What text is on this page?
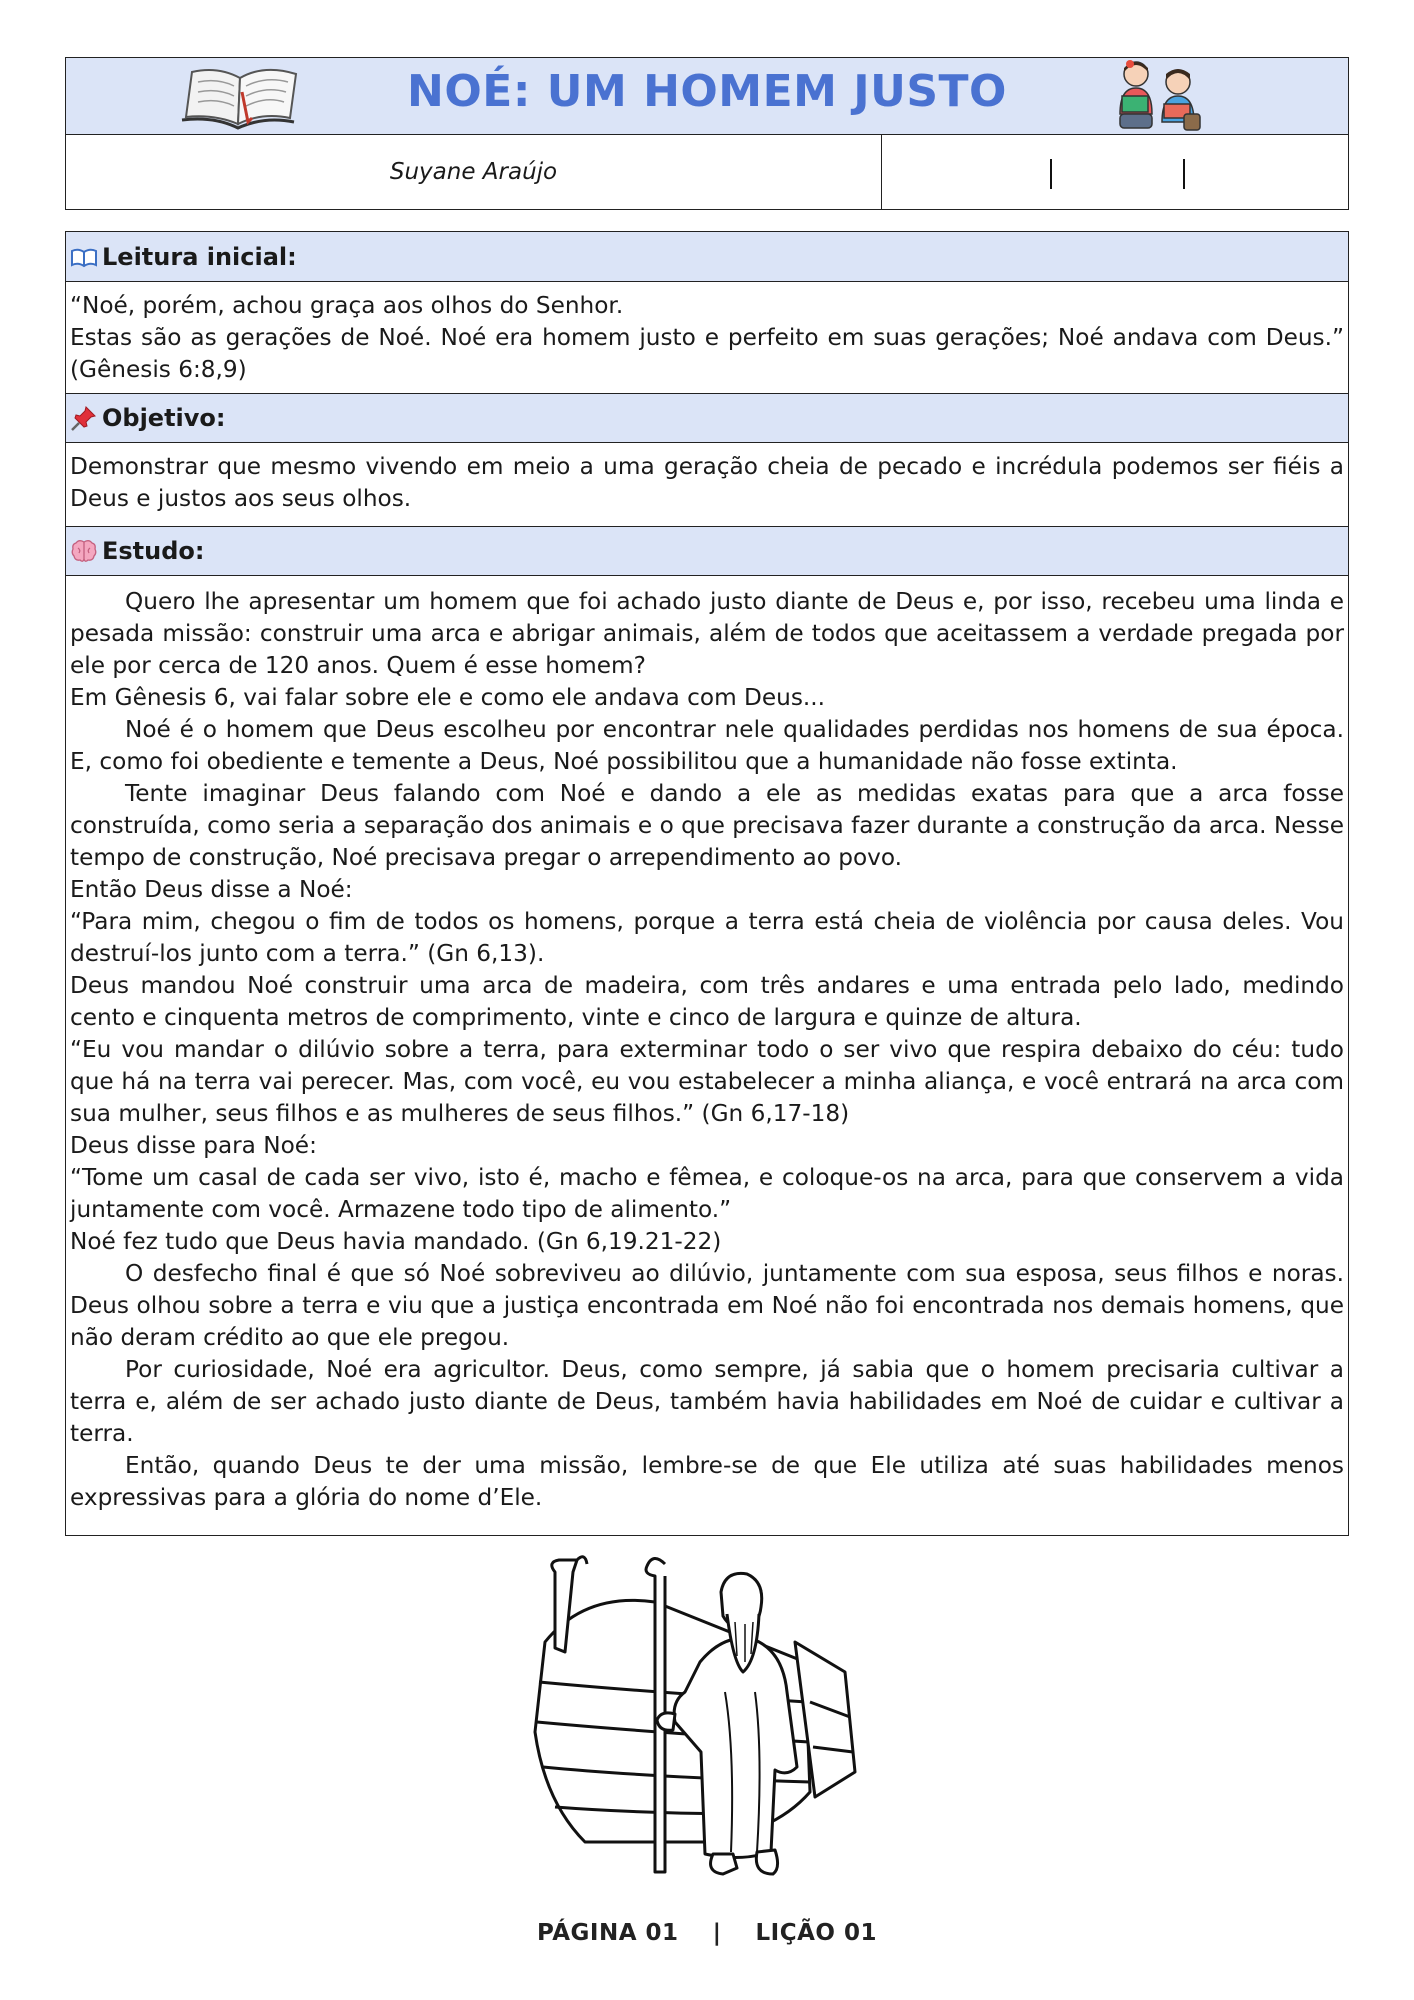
NOÉ: UM HOMEM JUSTO
Suyane Araújo
Leitura inicial:

“Noé, porém, achou graça aos olhos do Senhor.

Estas são as gerações de Noé. Noé era homem justo e perfeito em suas gerações; Noé andava com Deus.” (Gênesis 6:8,9)

Objetivo:

Demonstrar que mesmo vivendo em meio a uma geração cheia de pecado e incrédula podemos ser fiéis a Deus e justos aos seus olhos.

Estudo:

Quero lhe apresentar um homem que foi achado justo diante de Deus e, por isso, recebeu uma linda e pesada missão: construir uma arca e abrigar animais, além de todos que aceitassem a verdade pregada por ele por cerca de 120 anos. Quem é esse homem?

Em Gênesis 6, vai falar sobre ele e como ele andava com Deus...

Noé é o homem que Deus escolheu por encontrar nele qualidades perdidas nos homens de sua época. E, como foi obediente e temente a Deus, Noé possibilitou que a humanidade não fosse extinta.

Tente imaginar Deus falando com Noé e dando a ele as medidas exatas para que a arca fosse construída, como seria a separação dos animais e o que precisava fazer durante a construção da arca. Nesse tempo de construção, Noé precisava pregar o arrependimento ao povo.

Então Deus disse a Noé:

“Para mim, chegou o fim de todos os homens, porque a terra está cheia de violência por causa deles. Vou destruí-los junto com a terra.” (Gn 6,13).

Deus mandou Noé construir uma arca de madeira, com três andares e uma entrada pelo lado, medindo cento e cinquenta metros de comprimento, vinte e cinco de largura e quinze de altura.

“Eu vou mandar o dilúvio sobre a terra, para exterminar todo o ser vivo que respira debaixo do céu: tudo que há na terra vai perecer. Mas, com você, eu vou estabelecer a minha aliança, e você entrará na arca com sua mulher, seus filhos e as mulheres de seus filhos.” (Gn 6,17-18)

Deus disse para Noé:

“Tome um casal de cada ser vivo, isto é, macho e fêmea, e coloque-os na arca, para que conservem a vida juntamente com você. Armazene todo tipo de alimento.”

Noé fez tudo que Deus havia mandado. (Gn 6,19.21-22)

O desfecho final é que só Noé sobreviveu ao dilúvio, juntamente com sua esposa, seus filhos e noras. Deus olhou sobre a terra e viu que a justiça encontrada em Noé não foi encontrada nos demais homens, que não deram crédito ao que ele pregou.

Por curiosidade, Noé era agricultor. Deus, como sempre, já sabia que o homem precisaria cultivar a terra e, além de ser achado justo diante de Deus, também havia habilidades em Noé de cuidar e cultivar a terra.

Então, quando Deus te der uma missão, lembre-se de que Ele utiliza até suas habilidades menos expressivas para a glória do nome d’Ele.

PÁGINA 01 | LIÇÃO 01
